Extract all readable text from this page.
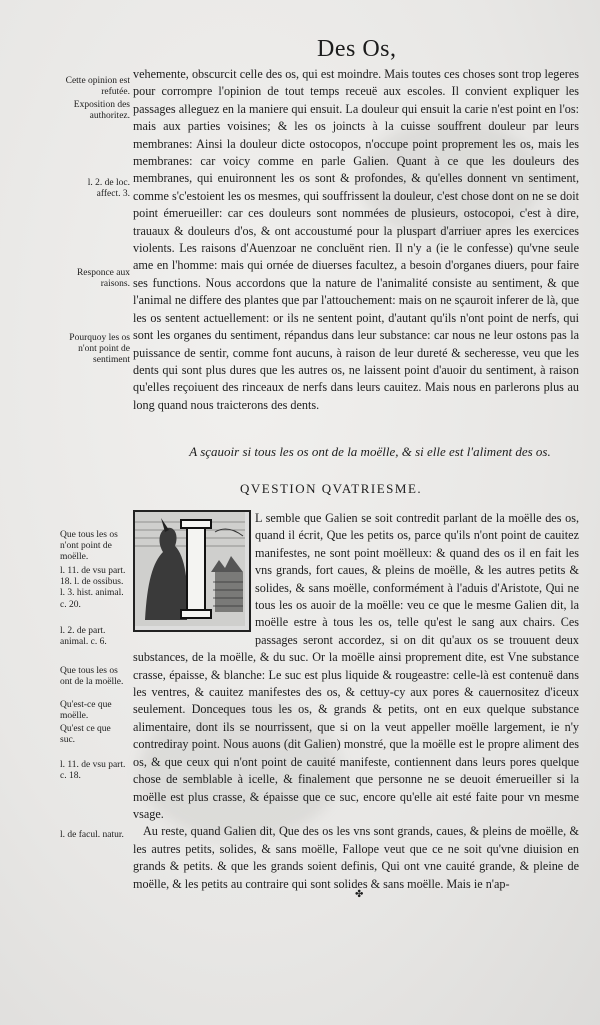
Des Os,
Cette opinion est refutée.
Exposition des authoritez.
l. 2. de loc. affect. 3.
Responce aux raisons.
Pourquoy les os n'ont point de sentiment
Que tous les os n'ont point de moëlle.
l. 11. de vsu part. 18. l. de ossibus. l. 3. hist. animal. c. 20.
l. 2. de part. animal. c. 6.
Que tous les os ont de la moëlle.
Qu'est-ce que moëlle.
Qu'est ce que suc.
l. 11. de vsu part. c. 18.
l. de facul. natur.

vehemente, obscurcit celle des os, qui est moindre. Mais toutes ces choses sont trop legeres pour corrompre l'opinion de tout temps receuë aux escoles. Il convient expliquer les passages alleguez en la maniere qui ensuit. La douleur qui ensuit la carie n'est point en l'os: mais aux parties voisines; & les os joincts à la cuisse souffrent douleur par leurs membranes: Ainsi la douleur dicte ostocopos, n'occupe point proprement les os, mais les membranes: car voicy comme en parle Galien. Quant à ce que les douleurs des membranes, qui enuironnent les os sont & profondes, & qu'elles donnent vn sentiment, comme s'c'estoient les os mesmes, qui souffrissent la douleur, c'est chose dont on ne se doit point émerueiller: car ces douleurs sont nommées de plusieurs, ostocopoi, c'est à dire, trauaux & douleurs d'os, & ont accoustumé pour la pluspart d'arriuer apres les exercices violents. Les raisons d'Auenzoar ne concluënt rien. Il n'y a (ie le confesse) qu'vne seule ame en l'homme: mais qui ornée de diuerses facultez, a besoin d'organes diuers, pour faire ses functions. Nous accordons que la nature de l'animalité consiste au sentiment, & que l'animal ne differe des plantes que par l'attouchement: mais on ne sçauroit inferer de là, que les os sentent actuellement: or ils ne sentent point, d'autant qu'ils n'ont point de nerfs, qui sont les organes du sentiment, répandus dans leur substance: car nous ne leur ostons pas la puissance de sentir, comme font aucuns, à raison de leur dureté & secheresse, veu que les dents qui sont plus dures que les autres os, ne laissent point d'auoir du sentiment, à raison qu'elles reçoiuent des rinceaux de nerfs dans leurs cauitez. Mais nous en parlerons plus au long quand nous traicterons des dents.

A sçauoir si tous les os ont de la moëlle, & si elle est l'aliment des os.
QVESTION QVATRIESME.

L semble que Galien se soit contredit parlant de la moëlle des os, quand il écrit, Que les petits os, parce qu'ils n'ont point de cauitez manifestes, ne sont point moëlleux: & quand des os il en fait les vns grands, fort caues, & pleins de moëlle, & les autres petits & solides, & sans moëlle, conformément à l'aduis d'Aristote, Qui ne tous les os auoir de la moëlle: veu ce que le mesme Galien dit, la moëlle estre à tous les os, telle qu'est le sang aux chairs. Ces passages seront accordez, si on dit qu'aux os se trouuent deux substances, de la moëlle, & du suc. Or la moëlle ainsi proprement dite, est Vne substance crasse, épaisse, & blanche: Le suc est plus liquide & rougeastre: celle-là est contenuë dans les ventres, & cauitez manifestes des os, & cettuy-cy aux pores & cauernositez d'iceux seulement. Donceques tous les os, & grands & petits, ont en eux quelque substance alimentaire, dont ils se nourrissent, que si on la veut appeller moëlle largement, ie n'y contrediray point. Nous auons (dit Galien) monstré, que la moëlle est le propre aliment des os, & que ceux qui n'ont point de cauité manifeste, contiennent dans leurs pores quelque chose de semblable à icelle, & finalement que personne ne se deuoit émerueiller si la moëlle est plus crasse, & épaisse que ce suc, encore qu'elle ait esté faite pour vn mesme vsage.

Au reste, quand Galien dit, Que des os les vns sont grands, caues, & pleins de moëlle, & les autres petits, solides, & sans moëlle, Fallope veut que ce ne soit qu'vne diuision en grands & petits. & que les grands soient definis, Qui ont vne cauité grande, & pleine de moëlle, & les petits au contraire qui sont solides & sans moëlle. Mais ie n'ap-

✤
